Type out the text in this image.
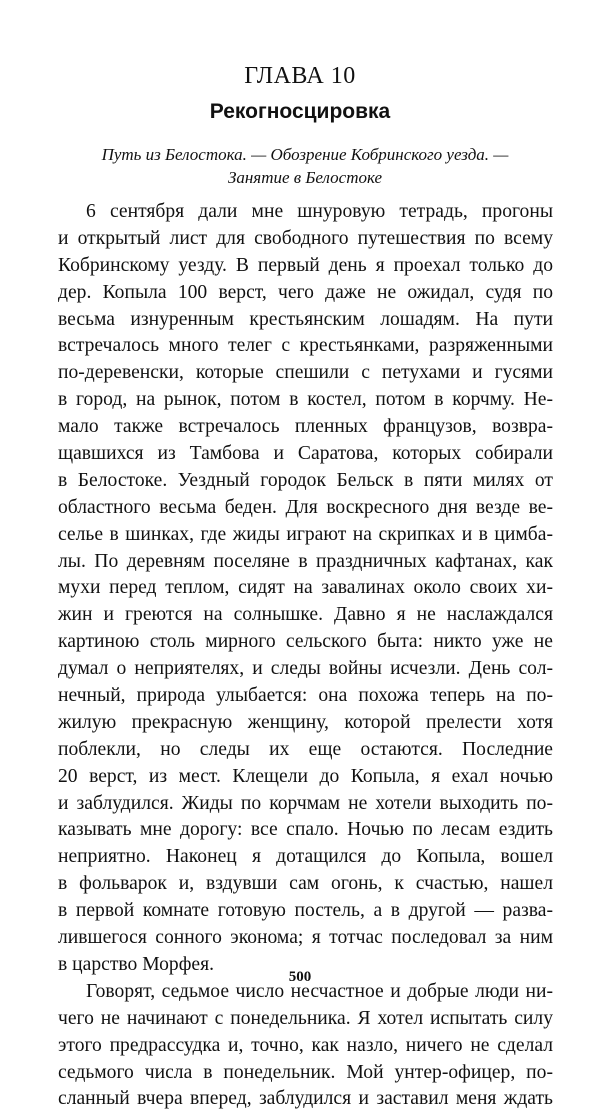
ГЛАВА 10
Рекогносцировка

Путь из Белостока. — Обозрение Кобринского уезда. —
Занятие в Белостоке

6 сентября дали мне шнуровую тетрадь, прогоны
и открытый лист для свободного путешествия по всему
Кобринскому уезду. В первый день я проехал только до
дер. Копыла 100 верст, чего даже не ожидал, судя по
весьма изнуренным крестьянским лошадям. На пути
встречалось много телег с крестьянками, разряженными
по-деревенски, которые спешили с петухами и гусями
в город, на рынок, потом в костел, потом в корчму. Не-
мало также встречалось пленных французов, возвра-
щавшихся из Тамбова и Саратова, которых собирали
в Белостоке. Уездный городок Бельск в пяти милях от
областного весьма беден. Для воскресного дня везде ве-
селье в шинках, где жиды играют на скрипках и в цимба-
лы. По деревням поселяне в праздничных кафтанах, как
мухи перед теплом, сидят на завалинах около своих хи-
жин и греются на солнышке. Давно я не наслаждался
картиною столь мирного сельского быта: никто уже не
думал о неприятелях, и следы войны исчезли. День сол-
нечный, природа улыбается: она похожа теперь на по-
жилую прекрасную женщину, которой прелести хотя
поблекли, но следы их еще остаются. Последние
20 верст, из мест. Клещели до Копыла, я ехал ночью
и заблудился. Жиды по корчмам не хотели выходить по-
казывать мне дорогу: все спало. Ночью по лесам ездить
неприятно. Наконец я дотащился до Копыла, вошел
в фольварок и, вздувши сам огонь, к счастью, нашел
в первой комнате готовую постель, а в другой — разва-
лившегося сонного эконома; я тотчас последовал за ним
в царство Морфея.
Говорят, седьмое число несчастное и добрые люди ни-
чего не начинают с понедельника. Я хотел испытать силу
этого предрассудка и, точно, как назло, ничего не сделал
седьмого числа в понедельник. Мой унтер-офицер, по-
сланный вчера вперед, заблудился и заставил меня ждать
500
